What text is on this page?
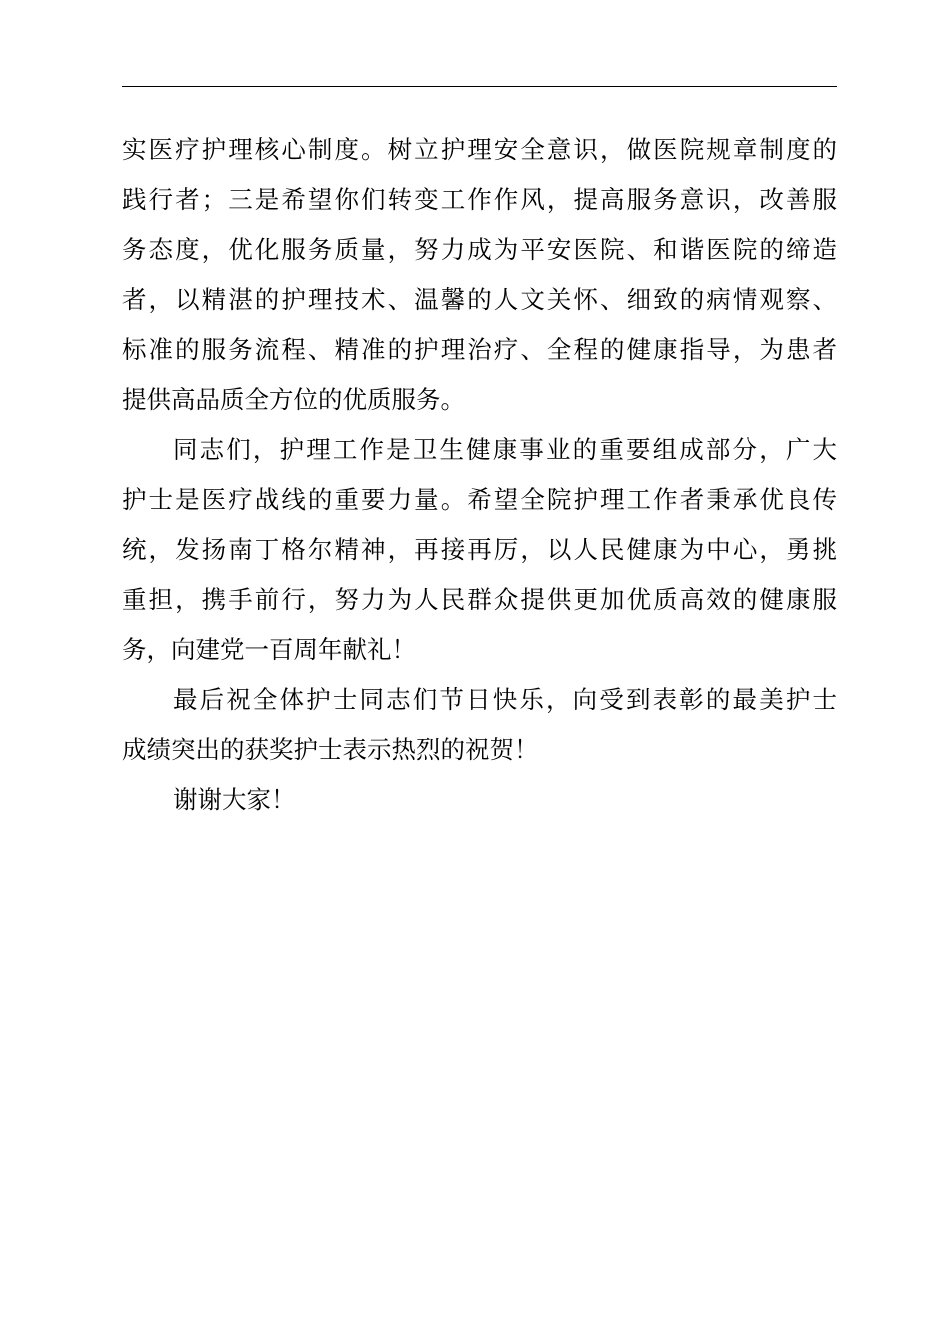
实医疗护理核心制度。树立护理安全意识，做医院规章制度的
践行者；三是希望你们转变工作作风，提高服务意识，改善服
务态度，优化服务质量，努力成为平安医院、和谐医院的缔造
者，以精湛的护理技术、温馨的人文关怀、细致的病情观察、
标准的服务流程、精准的护理治疗、全程的健康指导，为患者
提供高品质全方位的优质服务。
同志们，护理工作是卫生健康事业的重要组成部分，广大
护士是医疗战线的重要力量。希望全院护理工作者秉承优良传
统，发扬南丁格尔精神，再接再厉，以人民健康为中心，勇挑
重担，携手前行，努力为人民群众提供更加优质高效的健康服
务，向建党一百周年献礼！
最后祝全体护士同志们节日快乐，向受到表彰的最美护士
成绩突出的获奖护士表示热烈的祝贺！
谢谢大家！
